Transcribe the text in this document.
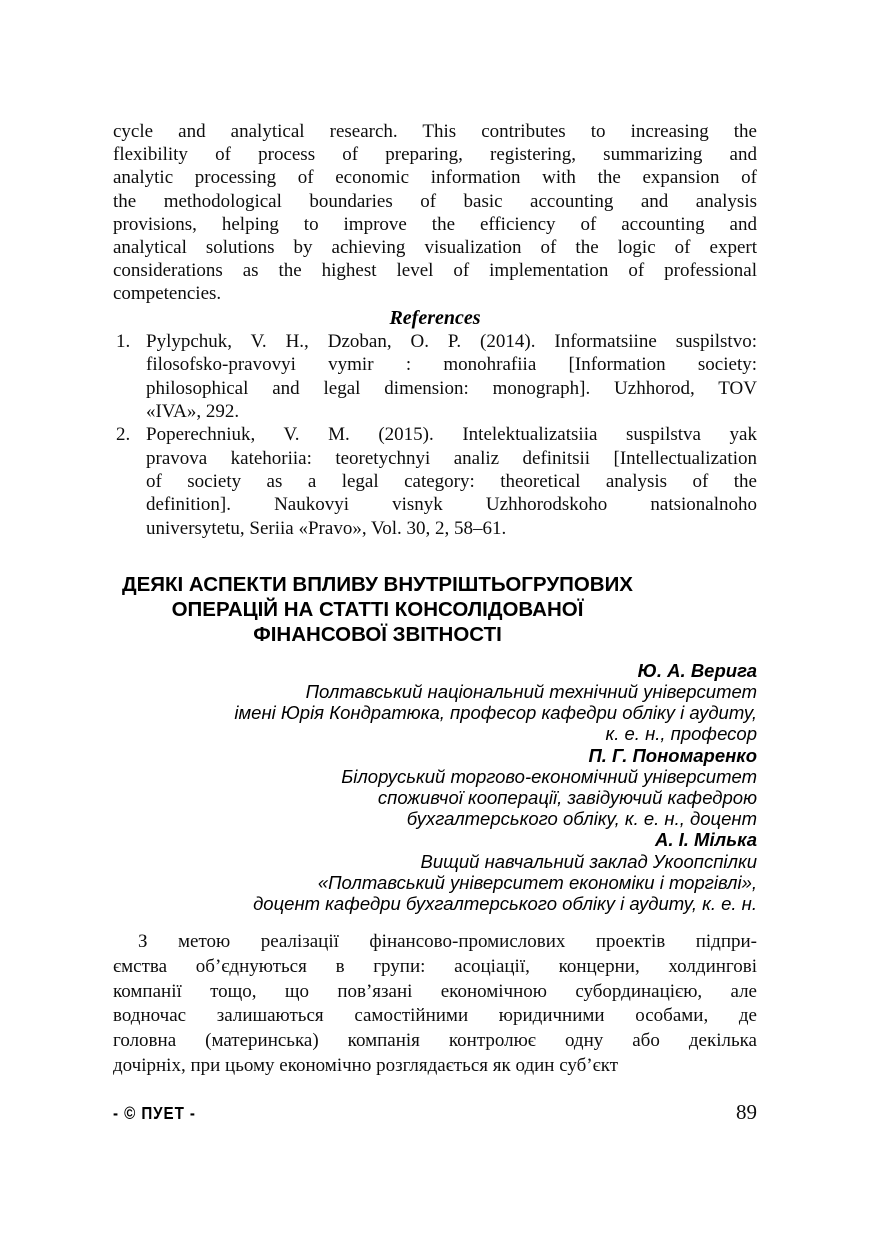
cycle and analytical research. This contributes to increasing the
flexibility of process of preparing, registering, summarizing and
analytic processing of economic information with the expansion of
the methodological boundaries of basic accounting and analysis
provisions, helping to improve the efficiency of accounting and
analytical solutions by achieving visualization of the logic of expert
considerations as the highest level of implementation of professional
competencies.
References
1. Pylypchuk, V. H., Dzoban, O. P. (2014). Informatsiine suspilstvo:
filosofsko-pravovyi vymir : monohrafiia [Information society:
philosophical and legal dimension: monograph]. Uzhhorod, TOV
«IVA», 292.
2. Poperechniuk, V. M. (2015). Intelektualizatsiia suspilstva yak
pravova katehoriia: teoretychnyi analiz definitsii [Intellectualization
of society as a legal category: theoretical analysis of the
definition]. Naukovyi visnyk Uzhhorodskoho natsionalnoho
universytetu, Seriia «Pravo», Vol. 30, 2, 58–61.
ДЕЯКІ АСПЕКТИ ВПЛИВУ ВНУТРІШТЬОГРУПОВИХ
ОПЕРАЦІЙ НА СТАТТІ КОНСОЛІДОВАНОЇ
ФІНАНСОВОЇ ЗВІТНОСТІ
Ю. А. Верига
Полтавський національний технічний університет
імені Юрія Кондратюка, професор кафедри обліку і аудиту,
к. е. н., професор
П. Г. Пономаренко
Білоруський торгово-економічний університет
споживчої кооперації, завідуючий кафедрою
бухгалтерського обліку, к. е. н., доцент
А. І. Мілька
Вищий навчальний заклад Укоопспілки
«Полтавський університет економіки і торгівлі»,
доцент кафедри бухгалтерського обліку і аудиту, к. е. н.
З метою реалізації фінансово-промислових проектів підпри-
ємства об’єднуються в групи: асоціації, концерни, холдингові
компанії тощо, що пов’язані економічною субординацією, але
водночас залишаються самостійними юридичними особами, де
головна (материнська) компанія контролює одну або декілька
дочірніх, при цьому економічно розглядається як один суб’єкт
- © ПУЕТ -	89
